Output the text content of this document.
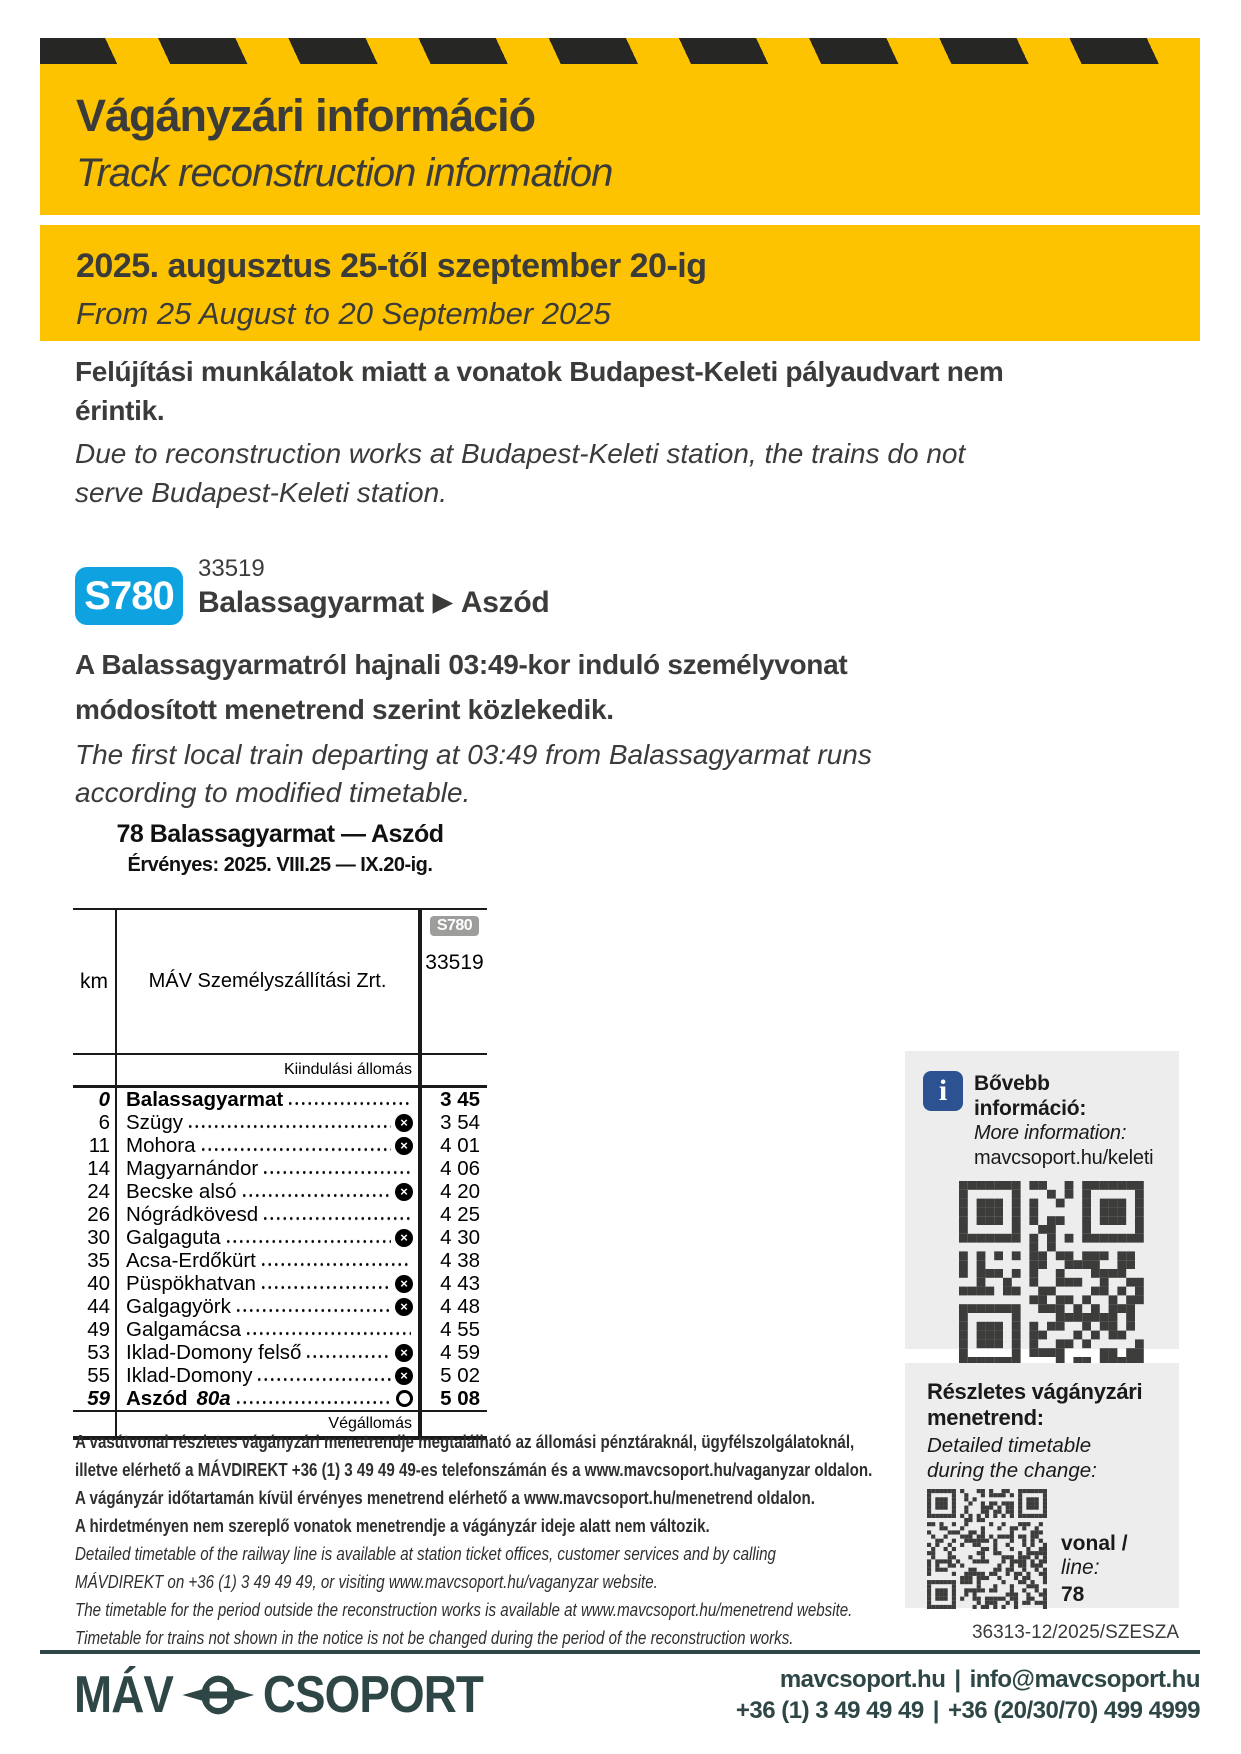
Vágányzári információ
Track reconstruction information
2025. augusztus 25-től szeptember 20-ig
From 25 August to 20 September 2025
Felújítási munkálatok miatt a vonatok Budapest-Keleti pályaudvart nem érintik.
Due to reconstruction works at Budapest-Keleti station, the trains do not serve Budapest-Keleti station.
S780
33519
Balassagyarmat ▶ Aszód
A Balassagyarmatról hajnali 03:49-kor induló személyvonat módosított menetrend szerint közlekedik.
The first local train departing at 03:49 from Balassagyarmat runs according to modified timetable.
78 Balassagyarmat — Aszód
Érvényes: 2025. VIII.25 — IX.20-ig.
km	MÁV Személyszállítási Zrt.
S780
33519
Kiindulási állomás
0 Balassagyarmat	3 45
6 Szügy	×	3 54
11 Mohora	×	4 01
14 Magyarnándor	4 06
24 Becske alsó	×	4 20
26 Nógrádkövesd	4 25
30 Galgaguta	×	4 30
35 Acsa-Erdőkürt	4 38
40 Püspökhatvan	×	4 43
44 Galgagyörk	×	4 48
49 Galgamácsa	4 55
53 Iklad-Domony felső	×	4 59
55 Iklad-Domony	×	5 02
59 Aszód 80a	5 08
Végállomás
i	Bővebb információ:
More information:
mavcsoport.hu/keleti
Részletes vágányzári menetrend:
Detailed timetable during the change:
vonal / line:
78
36313-12/2025/SZESZA
A vasútvonal részletes vágányzári menetrendje megtalálható az állomási pénztáraknál, ügyfélszolgálatoknál,
illetve elérhető a MÁVDIREKT +36 (1) 3 49 49 49-es telefonszámán és a www.mavcsoport.hu/vaganyzar oldalon.
A vágányzár időtartamán kívül érvényes menetrend elérhető a www.mavcsoport.hu/menetrend oldalon.
A hirdetményen nem szereplő vonatok menetrendje a vágányzár ideje alatt nem változik.
Detailed timetable of the railway line is available at station ticket offices, customer services and by calling
MÁVDIREKT on +36 (1) 3 49 49 49, or visiting www.mavcsoport.hu/vaganyzar website.
The timetable for the period outside the reconstruction works is available at www.mavcsoport.hu/menetrend website.
Timetable for trains not shown in the notice is not be changed during the period of the reconstruction works.
MÁV CSOPORT	mavcsoport.hu | info@mavcsoport.hu
+36 (1) 3 49 49 49 | +36 (20/30/70) 499 4999
